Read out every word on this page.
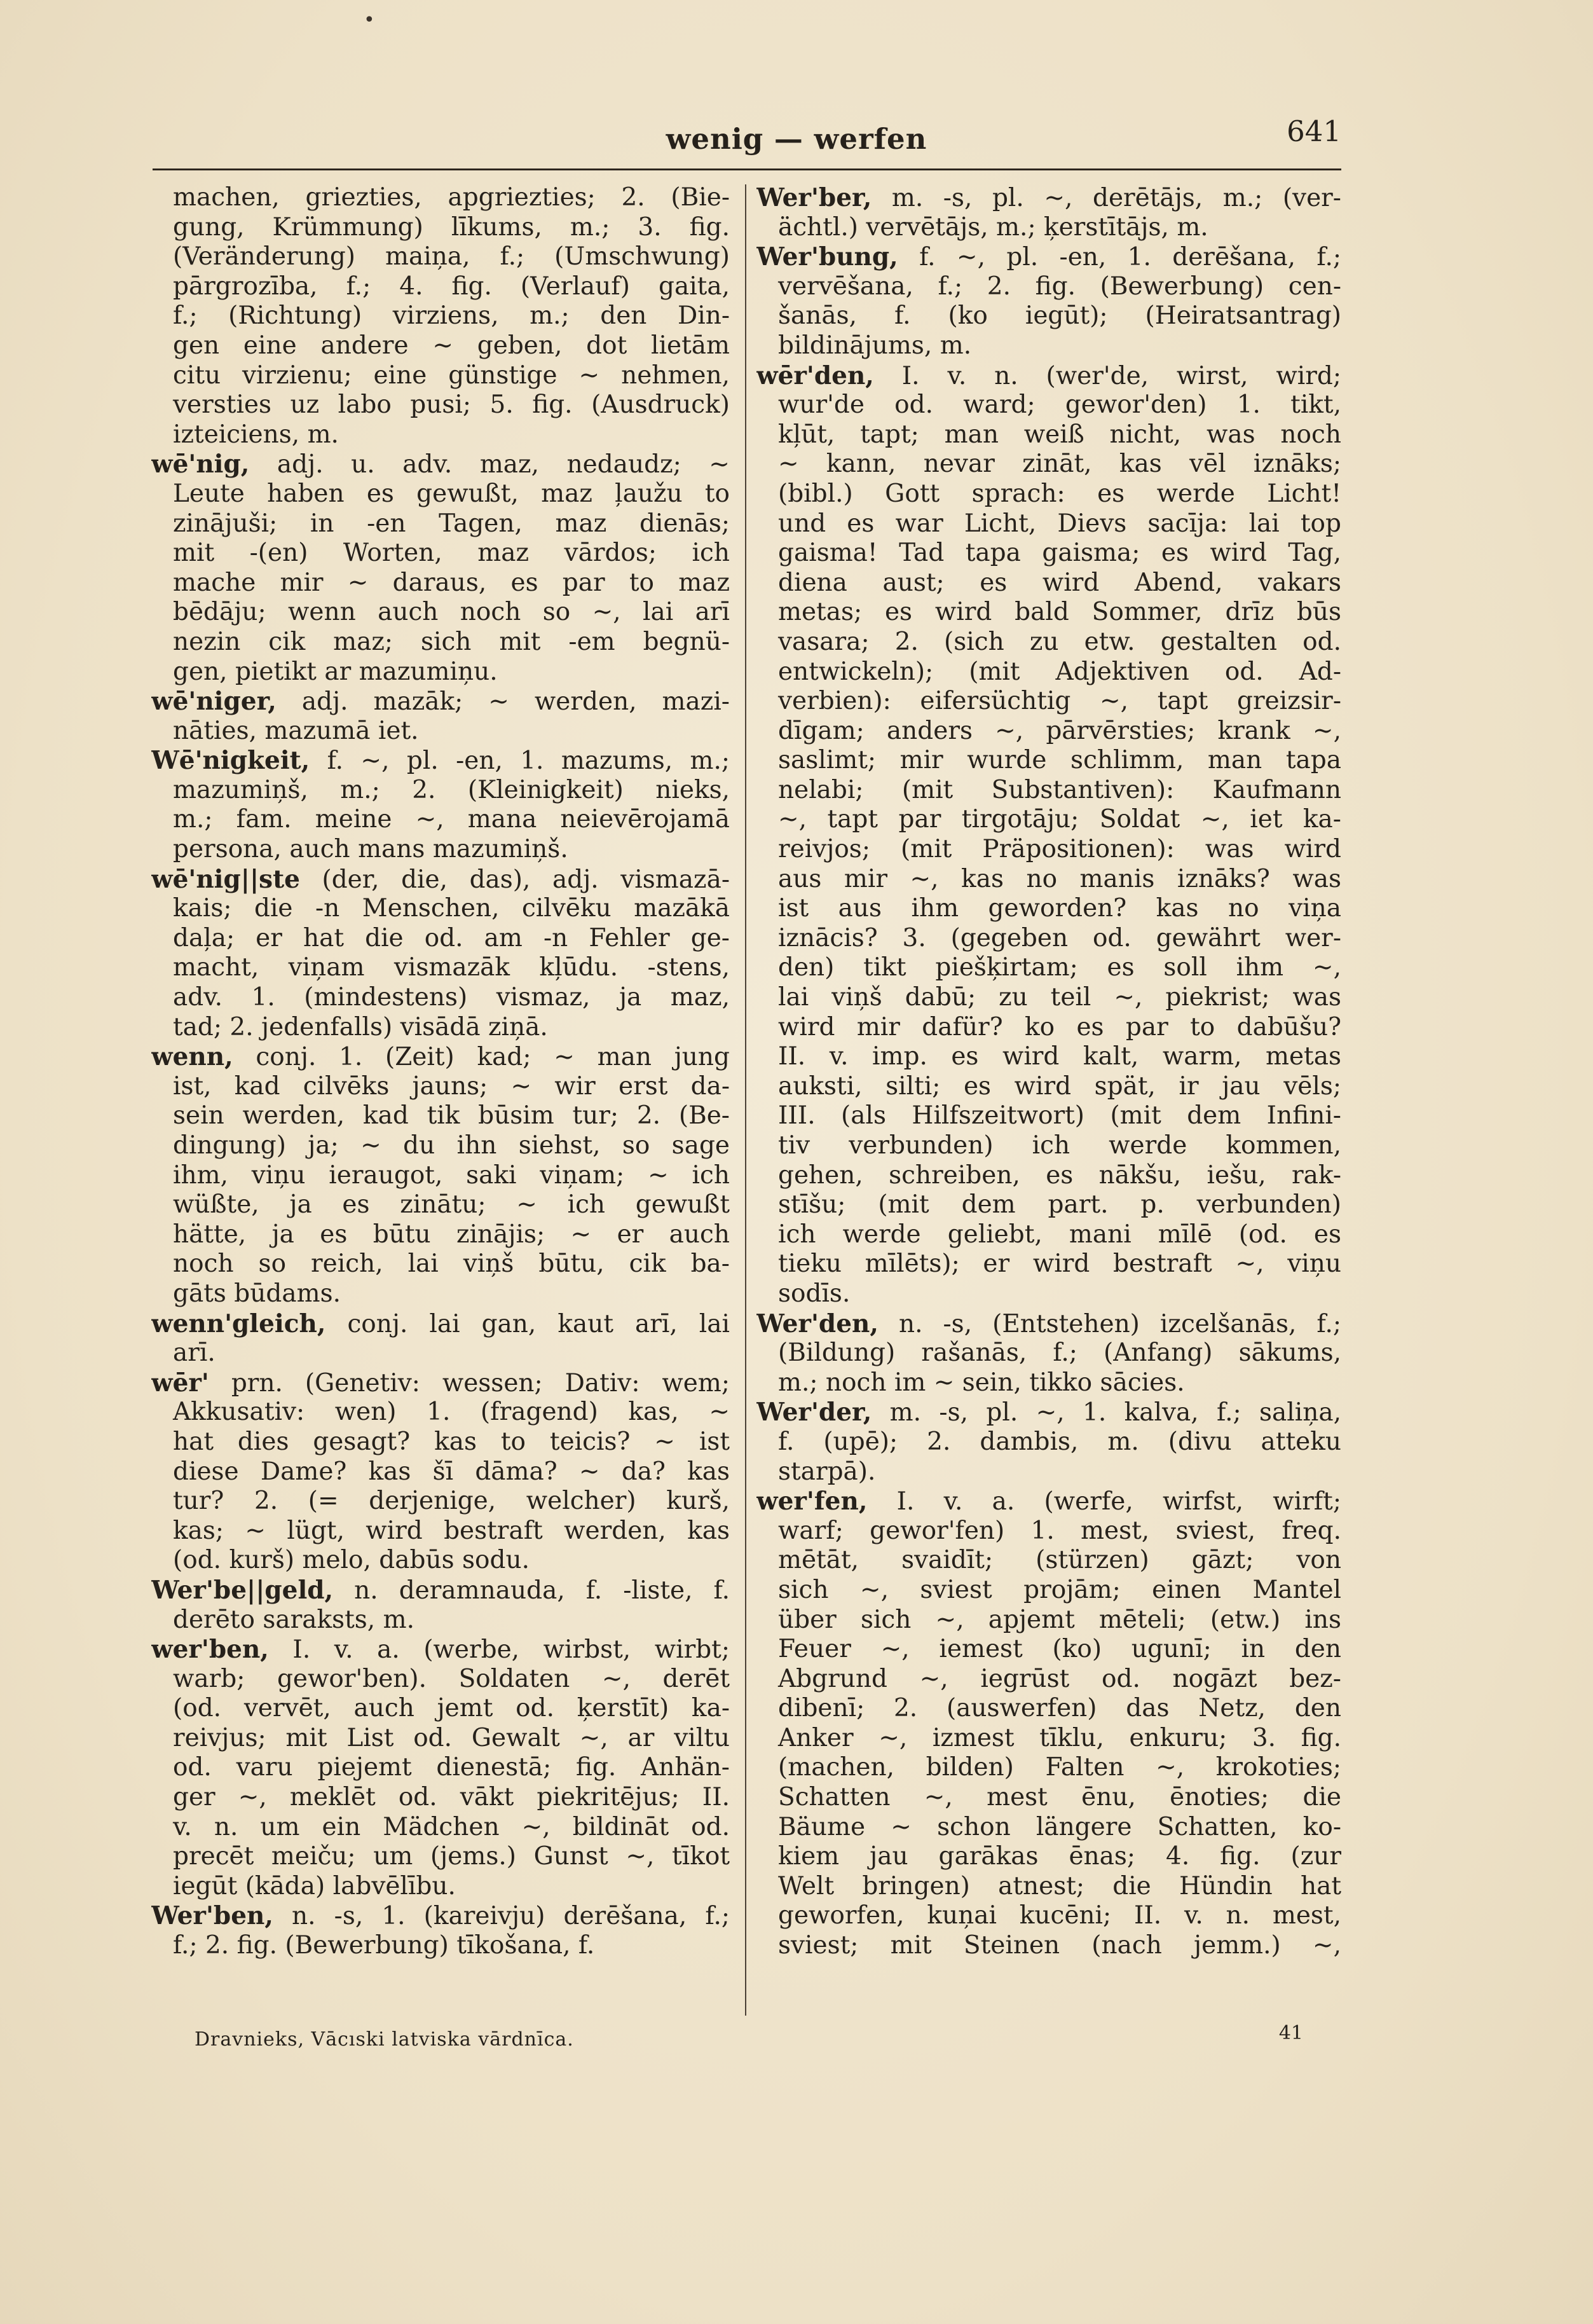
•
wenig — werfen	641
machen, griezties, apgriezties; 2. (Bie-
gung, Krümmung) līkums, m.; 3. fig.
(Veränderung) maiņa, f.; (Umschwung)
pārgrozība, f.; 4. fig. (Verlauf) gaita,
f.; (Richtung) virziens, m.; den Din-
gen eine andere ~ geben, dot lietām
citu virzienu; eine günstige ~ nehmen,
versties uz labo pusi; 5. fig. (Ausdruck)
izteiciens, m.
wē'nig, adj. u. adv. maz, nedaudz; ~
Leute haben es gewußt, maz ļaužu to
zinājuši; in -en Tagen, maz dienās;
mit -(en) Worten, maz vārdos; ich
mache mir ~ daraus, es par to maz
bēdāju; wenn auch noch so ~, lai arī
nezin cik maz; sich mit -em begnü-
gen, pietikt ar mazumiņu.
wē'niger, adj. mazāk; ~ werden, mazi-
nāties, mazumā iet.
Wē'nigkeit, f. ~, pl. -en, 1. mazums, m.;
mazumiņš, m.; 2. (Kleinigkeit) nieks,
m.; fam. meine ~, mana neievērojamā
persona, auch mans mazumiņš.
wē'nig||ste (der, die, das), adj. vismazā-
kais; die -n Menschen, cilvēku mazākā
daļa; er hat die od. am -n Fehler ge-
macht, viņam vismazāk kļūdu. -stens,
adv. 1. (mindestens) vismaz, ja maz,
tad; 2. jedenfalls) visādā ziņā.
wenn, conj. 1. (Zeit) kad; ~ man jung
ist, kad cilvēks jauns; ~ wir erst da-
sein werden, kad tik būsim tur; 2. (Be-
dingung) ja; ~ du ihn siehst, so sage
ihm, viņu ieraugot, saki viņam; ~ ich
wüßte, ja es zinātu; ~ ich gewußt
hätte, ja es būtu zinājis; ~ er auch
noch so reich, lai viņš būtu, cik ba-
gāts būdams.
wenn'gleich, conj. lai gan, kaut arī, lai
arī.
wēr' prn. (Genetiv: wessen; Dativ: wem;
Akkusativ: wen) 1. (fragend) kas, ~
hat dies gesagt? kas to teicis? ~ ist
diese Dame? kas šī dāma? ~ da? kas
tur? 2. (= derjenige, welcher) kurš,
kas; ~ lügt, wird bestraft werden, kas
(od. kurš) melo, dabūs sodu.
Wer'be||geld, n. deramnauda, f. -liste, f.
derēto saraksts, m.
wer'ben, I. v. a. (werbe, wirbst, wirbt;
warb; gewor'ben). Soldaten ~, derēt
(od. vervēt, auch jemt od. ķerstīt) ka-
reivjus; mit List od. Gewalt ~, ar viltu
od. varu piejemt dienestā; fig. Anhän-
ger ~, meklēt od. vākt piekritējus; II.
v. n. um ein Mädchen ~, bildināt od.
precēt meiču; um (jems.) Gunst ~, tīkot
iegūt (kāda) labvēlību.
Wer'ben, n. -s, 1. (kareivju) derēšana, f.;
f.; 2. fig. (Bewerbung) tīkošana, f.
Wer'ber, m. -s, pl. ~, derētājs, m.; (ver-
ächtl.) vervētājs, m.; ķerstītājs, m.
Wer'bung, f. ~, pl. -en, 1. derēšana, f.;
vervēšana, f.; 2. fig. (Bewerbung) cen-
šanās, f. (ko iegūt); (Heiratsantrag)
bildinājums, m.
wēr'den, I. v. n. (wer'de, wirst, wird;
wur'de od. ward; gewor'den) 1. tikt,
kļūt, tapt; man weiß nicht, was noch
~ kann, nevar zināt, kas vēl iznāks;
(bibl.) Gott sprach: es werde Licht!
und es war Licht, Dievs sacīja: lai top
gaisma! Tad tapa gaisma; es wird Tag,
diena aust; es wird Abend, vakars
metas; es wird bald Sommer, drīz būs
vasara; 2. (sich zu etw. gestalten od.
entwickeln); (mit Adjektiven od. Ad-
verbien): eifersüchtig ~, tapt greizsir-
dīgam; anders ~, pārvērsties; krank ~,
saslimt; mir wurde schlimm, man tapa
nelabi; (mit Substantiven): Kaufmann
~, tapt par tirgotāju; Soldat ~, iet ka-
reivjos; (mit Präpositionen): was wird
aus mir ~, kas no manis iznāks? was
ist aus ihm geworden? kas no viņa
iznācis? 3. (gegeben od. gewährt wer-
den) tikt piešķirtam; es soll ihm ~,
lai viņš dabū; zu teil ~, piekrist; was
wird mir dafür? ko es par to dabūšu?
II. v. imp. es wird kalt, warm, metas
auksti, silti; es wird spät, ir jau vēls;
III. (als Hilfszeitwort) (mit dem Infini-
tiv verbunden) ich werde kommen,
gehen, schreiben, es nākšu, iešu, rak-
stīšu; (mit dem part. p. verbunden)
ich werde geliebt, mani mīlē (od. es
tieku mīlēts); er wird bestraft ~, viņu
sodīs.
Wer'den, n. -s, (Entstehen) izcelšanās, f.;
(Bildung) rašanās, f.; (Anfang) sākums,
m.; noch im ~ sein, tikko sācies.
Wer'der, m. -s, pl. ~, 1. kalva, f.; saliņa,
f. (upē); 2. dambis, m. (divu atteku
starpā).
wer'fen, I. v. a. (werfe, wirfst, wirft;
warf; gewor'fen) 1. mest, sviest, freq.
mētāt, svaidīt; (stürzen) gāzt; von
sich ~, sviest projām; einen Mantel
über sich ~, apjemt mēteli; (etw.) ins
Feuer ~, iemest (ko) ugunī; in den
Abgrund ~, iegrūst od. nogāzt bez-
dibenī; 2. (auswerfen) das Netz, den
Anker ~, izmest tīklu, enkuru; 3. fig.
(machen, bilden) Falten ~, krokoties;
Schatten ~, mest ēnu, ēnoties; die
Bäume ~ schon längere Schatten, ko-
kiem jau garākas ēnas; 4. fig. (zur
Welt bringen) atnest; die Hündin hat
geworfen, kuņai kucēni; II. v. n. mest,
sviest; mit Steinen (nach jemm.) ~,
Dravnieks, Vācıski latviska vārdnīca.	41
